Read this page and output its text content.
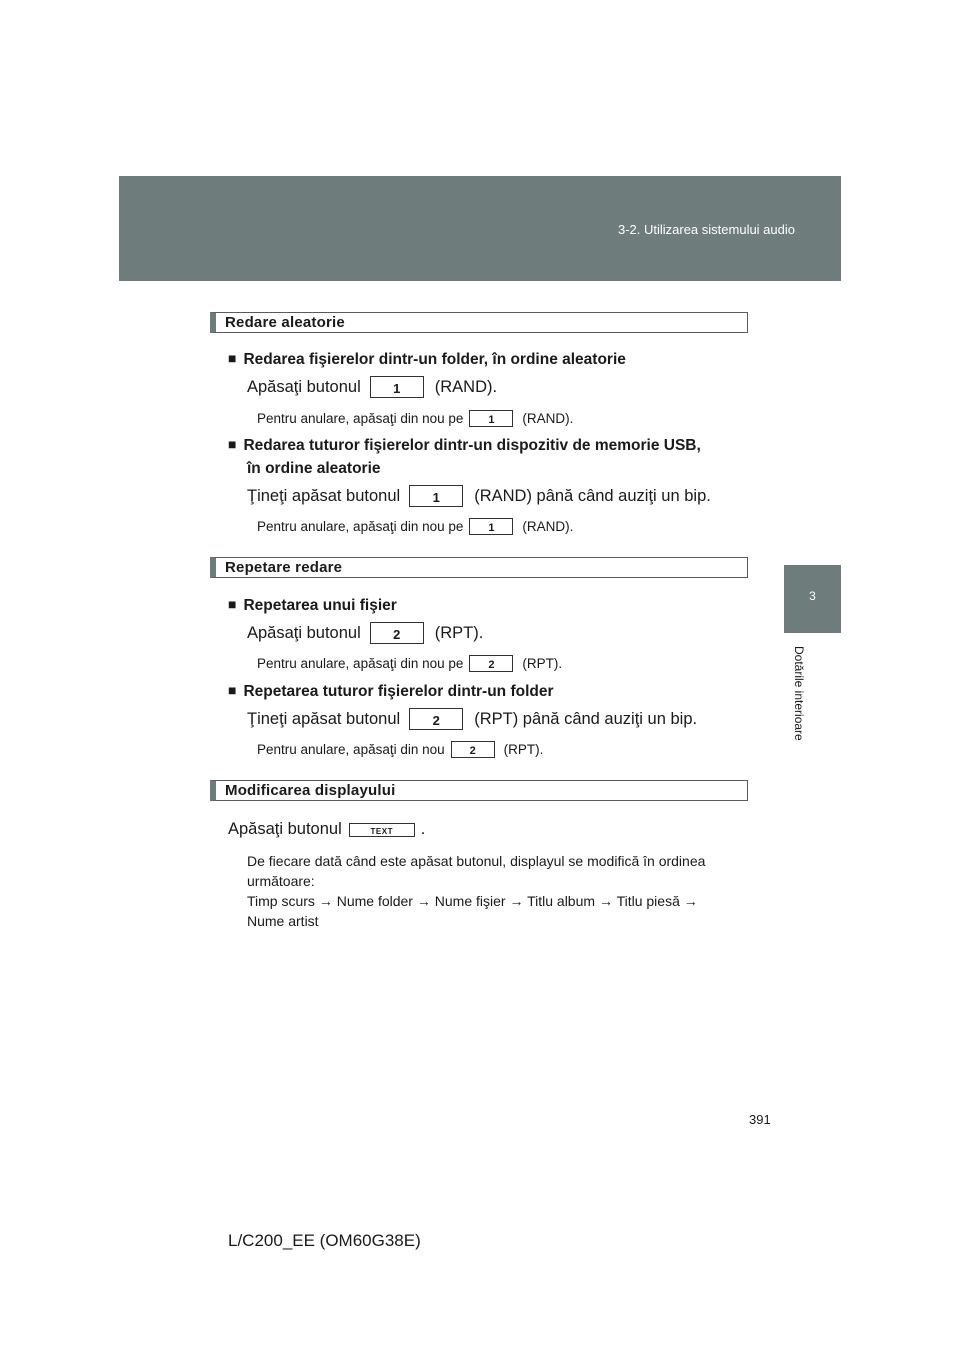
3-2. Utilizarea sistemului audio
3
Dotările interioare
Redare aleatorie
■ Redarea fişierelor dintr-un folder, în ordine aleatorie
Apăsaţi butonul	1	(RAND).
Pentru anulare, apăsaţi din nou pe	1	(RAND).
■ Redarea tuturor fişierelor dintr-un dispozitiv de memorie USB,
în ordine aleatorie
Ţineţi apăsat butonul	1	(RAND) până când auziţi un bip.
Pentru anulare, apăsaţi din nou pe	1	(RAND).
Repetare redare
■ Repetarea unui fişier
Apăsaţi butonul	2	(RPT).
Pentru anulare, apăsaţi din nou pe	2	(RPT).
■ Repetarea tuturor fişierelor dintr-un folder
Ţineţi apăsat butonul	2	(RPT) până când auziţi un bip.
Pentru anulare, apăsaţi din nou	2	(RPT).
Modificarea displayului
Apăsaţi butonul	TEXT	.
De fiecare dată când este apăsat butonul, displayul se modifică în ordinea
următoare:
Timp scurs → Nume folder → Nume fişier → Titlu album → Titlu piesă →
Nume artist
391
L/C200_EE (OM60G38E)
